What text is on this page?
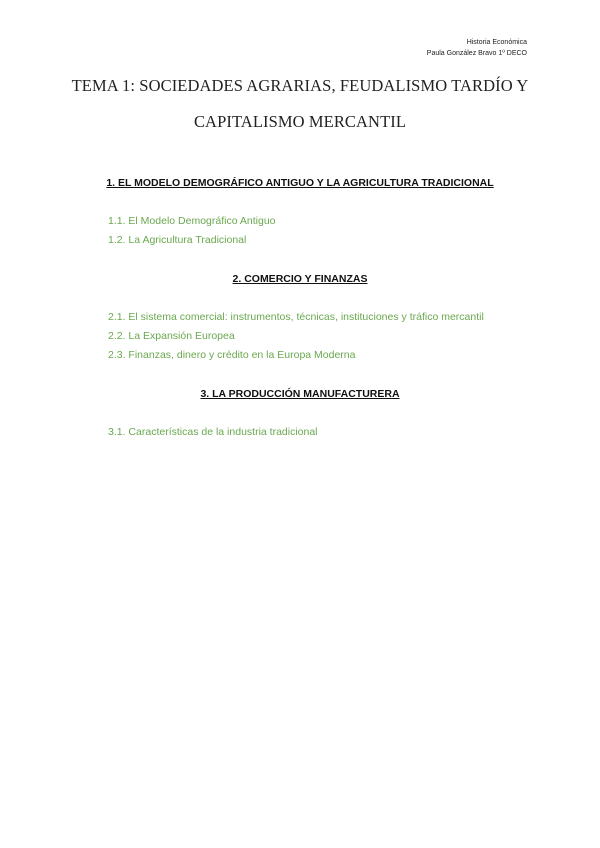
Historia Económica
Paula González Bravo 1º DECO
TEMA 1: SOCIEDADES AGRARIAS, FEUDALISMO TARDÍO Y
CAPITALISMO MERCANTIL
1. EL MODELO DEMOGRÁFICO ANTIGUO Y LA AGRICULTURA TRADICIONAL
1.1. El Modelo Demográfico Antiguo
1.2. La Agricultura Tradicional
2. COMERCIO Y FINANZAS
2.1. El sistema comercial: instrumentos, técnicas, instituciones y tráfico mercantil
2.2. La Expansión Europea
2.3. Finanzas, dinero y crédito en la Europa Moderna
3. LA PRODUCCIÓN MANUFACTURERA
3.1. Características de la industria tradicional
